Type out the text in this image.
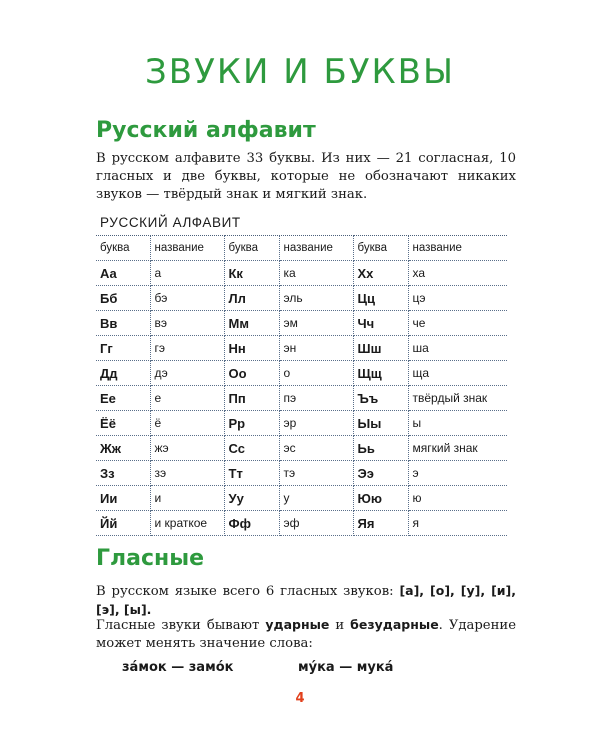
ЗВУКИ И БУКВЫ
Русский алфавит

В русском алфавите 33 буквы. Из них — 21 согласная, 10 гласных и две буквы, которые не обозначают никаких звуков — твёрдый знак и мягкий знак.

РУССКИЙ АЛФАВИТ					
буква	название	буква	название	буква	название
Аа	а	Кк	ка	Хх	ха
Бб	бэ	Лл	эль	Цц	цэ
Вв	вэ	Мм	эм	Чч	че
Гг	гэ	Нн	эн	Шш	ша
Дд	дэ	Оо	о	Щщ	ща
Ее	е	Пп	пэ	Ъъ	твёрдый знак
Ёё	ё	Рр	эр	Ыы	ы
Жж	жэ	Сс	эс	Ьь	мягкий знак
Зз	зэ	Тт	тэ	Ээ	э
Ии	и	Уу	у	Юю	ю
Йй	и краткое	Фф	эф	Яя	я
Гласные

В русском языке всего 6 гласных звуков: [а], [о], [у], [и], [э], [ы].

Гласные звуки бывают ударные и безударные. Ударение может менять значение слова:

за́мок — замо́к	му́ка — мука́
4
